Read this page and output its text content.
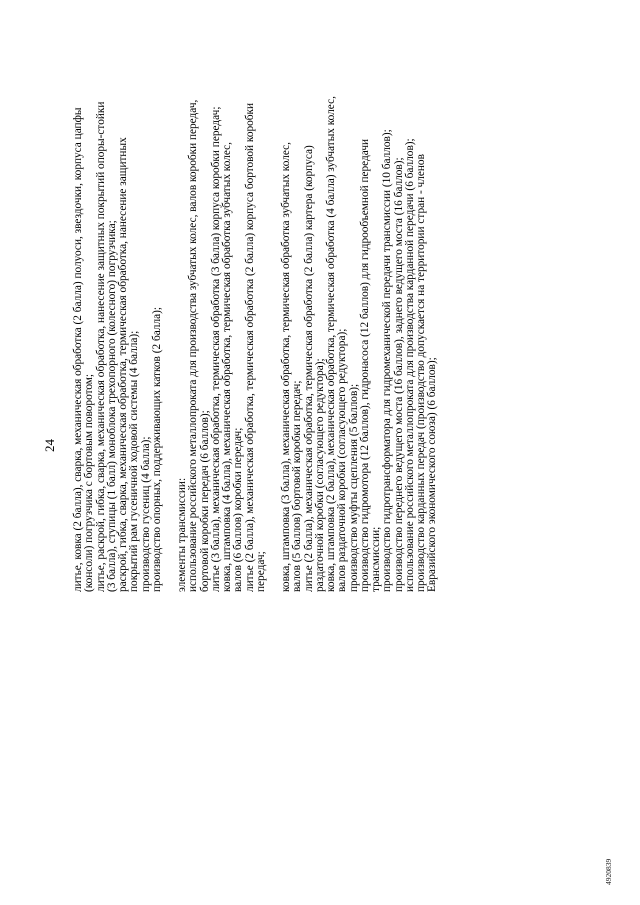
24 литье, ковка (2 балла), сварка, механическая обработка (2 балла) полуоси, звездочки, корпуса цапфы (консоли) погрузчика с бортовым поворотом; литье, раскрой, гибка, сварка, механическая обработка, нанесение защитных покрытий опоры-стойки (3 балла), ступицы (1 балл) моноблока трехопорного (колесного) погрузчика; раскрой, гибка, сварка, механическая обработка, термическая обработка, нанесение защитных покрытий рам гусеничной ходовой системы (4 балла); производство гусениц (4 балла); производство опорных, поддерживающих катков (2 балла); элементы трансмиссии: использование российского металлопроката для производства зубчатых колес, валов коробки передач, бортовой коробки передач (6 баллов); литье (3 балла), механическая обработка, термическая обработка (3 балла) корпуса коробки передач; ковка, штамповка (4 балла), механическая обработка, термическая обработка зубчатых колес, валов (6 баллов) коробки передач; литье (2 балла), механическая обработка, термическая обработка (2 балла) корпуса бортовой коробки передач; ковка, штамповка (3 балла), механическая обработка, термическая обработка зубчатых колес, валов (5 баллов) бортовой коробки передач; литье (2 балла), механическая обработка, термическая обработка (2 балла) картера (корпуса) раздаточной коробки (согласующего редуктора); ковка, штамповка (2 балла), механическая обработка, термическая обработка (4 балла) зубчатых колес, валов раздаточной коробки (согласующего редуктора); производство муфты сцепления (5 баллов); производство гидромотора (12 баллов), гидронасоса (12 баллов) для гидрообъемной передачи трансмиссии; производство гидротрансформатора для гидромеханической передачи трансмиссии (10 баллов); производство переднего ведущего моста (16 баллов), заднего ведущего моста (16 баллов); использование российского металлопроката для производства карданной передачи (6 баллов); производство карданных передач (производство допускается на территории стран - членов Евразийского экономического союза) (6 баллов);
4920839
